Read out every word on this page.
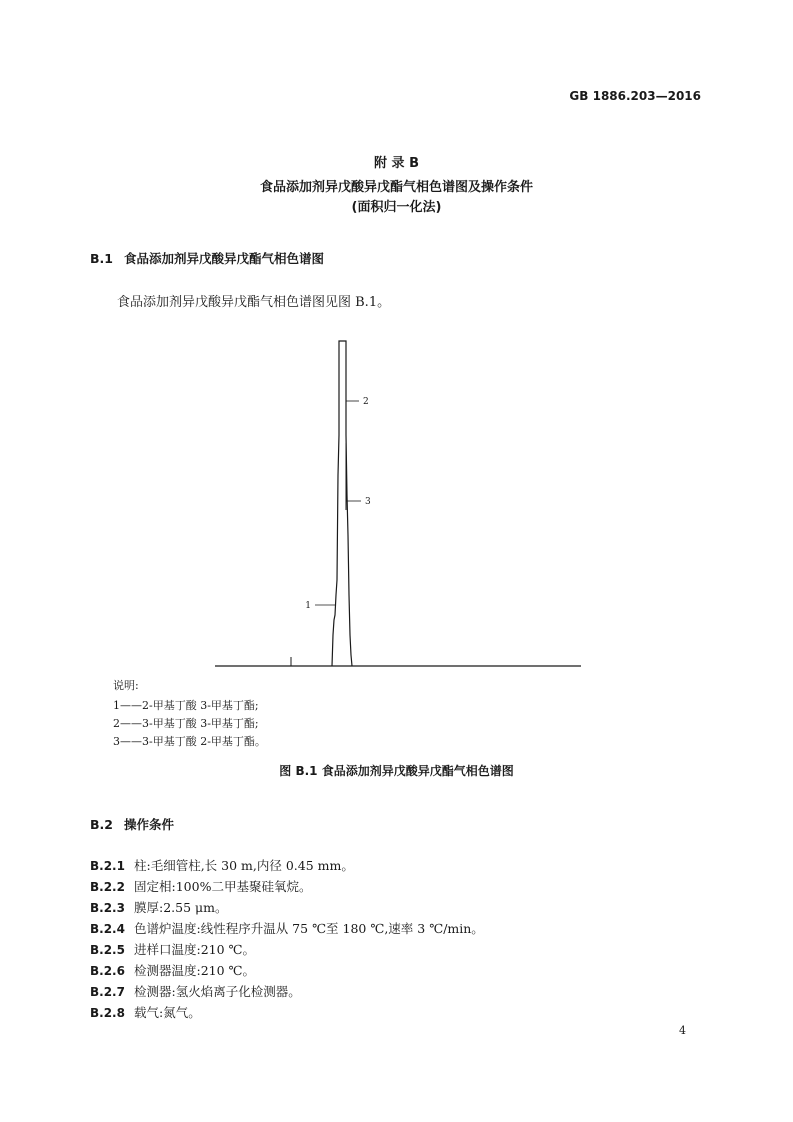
GB 1886.203—2016
附 录 B
食品添加剂异戊酸异戊酯气相色谱图及操作条件
(面积归一化法)
B.1 食品添加剂异戊酸异戊酯气相色谱图
食品添加剂异戊酸异戊酯气相色谱图见图 B.1。
1
2
3
说明:
1——2-甲基丁酸 3-甲基丁酯;
2——3-甲基丁酸 3-甲基丁酯;
3——3-甲基丁酸 2-甲基丁酯。
图 B.1 食品添加剂异戊酸异戊酯气相色谱图
B.2 操作条件
B.2.1 柱:毛细管柱,长 30 m,内径 0.45 mm。
B.2.2 固定相:100%二甲基聚硅氧烷。
B.2.3 膜厚:2.55 μm。
B.2.4 色谱炉温度:线性程序升温从 75 ℃至 180 ℃,速率 3 ℃/min。
B.2.5 进样口温度:210 ℃。
B.2.6 检测器温度:210 ℃。
B.2.7 检测器:氢火焰离子化检测器。
B.2.8 载气:氮气。
4
